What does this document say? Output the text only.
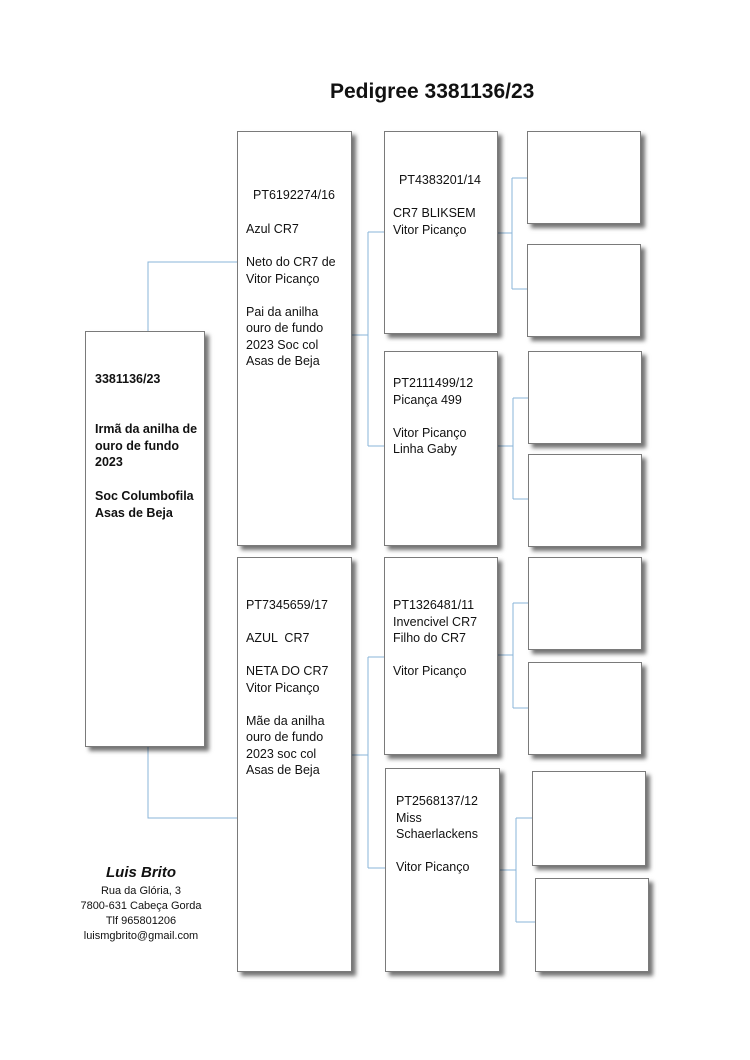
Pedigree 3381136/23
3381136/23
Irmã da anilha de
ouro de fundo
2023
Soc Columbofila
Asas de Beja
PT6192274/16
Azul CR7

Neto do CR7 de
Vitor Picanço

Pai da anilha
ouro de fundo
2023 Soc col
Asas de Beja
PT7345659/17
AZUL  CR7

NETA DO CR7
Vitor Picanço

Mãe da anilha
ouro de fundo
2023 soc col
Asas de Beja
PT4383201/14
CR7 BLIKSEM
Vitor Picanço
PT2111499/12
Picança 499

Vitor Picanço
Linha Gaby
PT1326481/11
Invencivel CR7
Filho do CR7

Vitor Picanço
PT2568137/12
Miss
Schaerlackens

Vitor Picanço
Luis Brito
Rua da Glória, 3
7800-631 Cabeça Gorda
Tlf 965801206
luismgbrito@gmail.com
